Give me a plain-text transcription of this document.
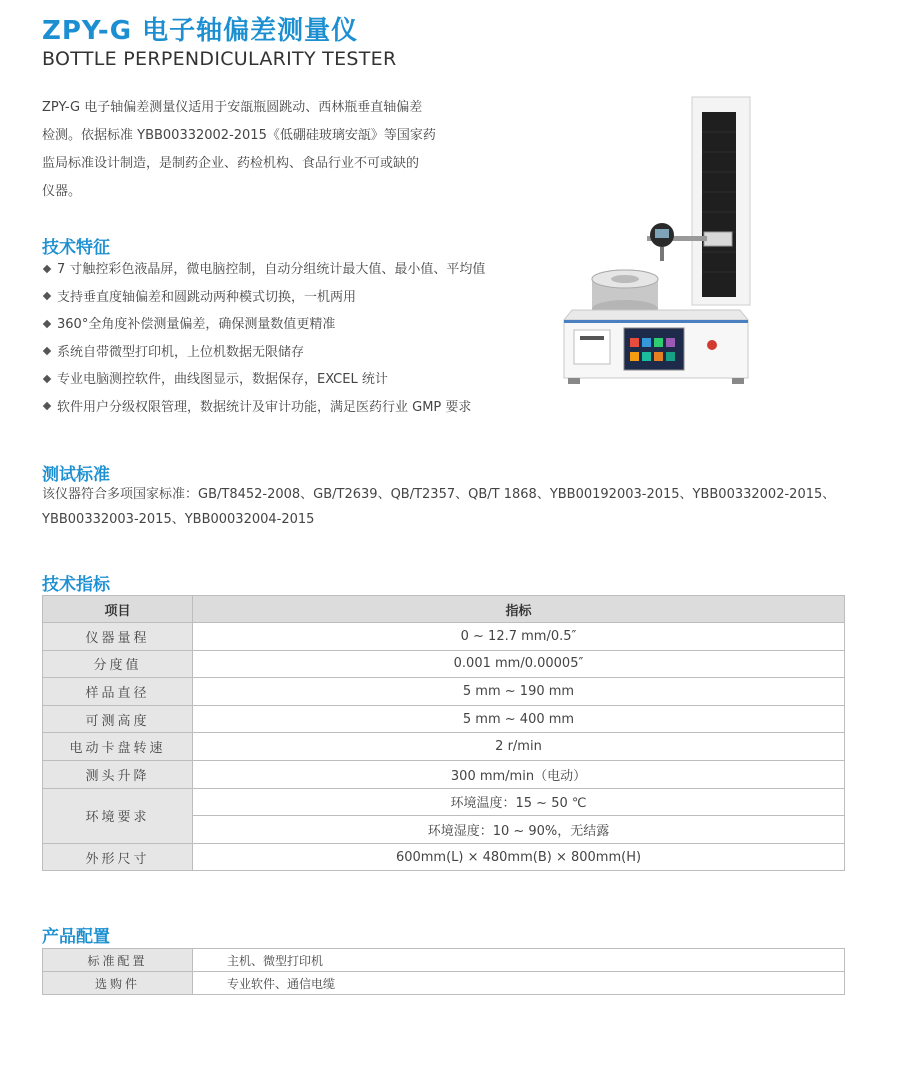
ZPY-G 电子轴偏差测量仪
BOTTLE PERPENDICULARITY TESTER
ZPY-G 电子轴偏差测量仪适用于安瓿瓶圆跳动、西林瓶垂直轴偏差
检测。依据标准 YBB00332002-2015《低硼硅玻璃安瓿》等国家药
监局标准设计制造，是制药企业、药检机构、食品行业不可或缺的
仪器。
技术特征
7 寸触控彩色液晶屏，微电脑控制，自动分组统计最大值、最小值、平均值
支持垂直度轴偏差和圆跳动两种模式切换，一机两用
360°全角度补偿测量偏差，确保测量数值更精准
系统自带微型打印机，上位机数据无限储存
专业电脑测控软件，曲线图显示，数据保存，EXCEL 统计
软件用户分级权限管理，数据统计及审计功能，满足医药行业 GMP 要求
测试标准
该仪器符合多项国家标准：GB/T8452-2008、GB/T2639、QB/T2357、QB/T 1868、YBB00192003-2015、YBB00332002-2015、
YBB00332003-2015、YBB00032004-2015
技术指标
项目	指标
仪器量程	0 ~ 12.7 mm/0.5″
分度值	0.001 mm/0.00005″
样品直径	5 mm ~ 190 mm
可测高度	5 mm ~ 400 mm
电动卡盘转速	2 r/min
测头升降	300 mm/min（电动）
环境要求	环境温度：15 ~ 50 ℃
	环境湿度：10 ~ 90%，无结露
外形尺寸	600mm(L) × 480mm(B) × 800mm(H)
产品配置
标准配置	主机、微型打印机
选购件	专业软件、通信电缆
